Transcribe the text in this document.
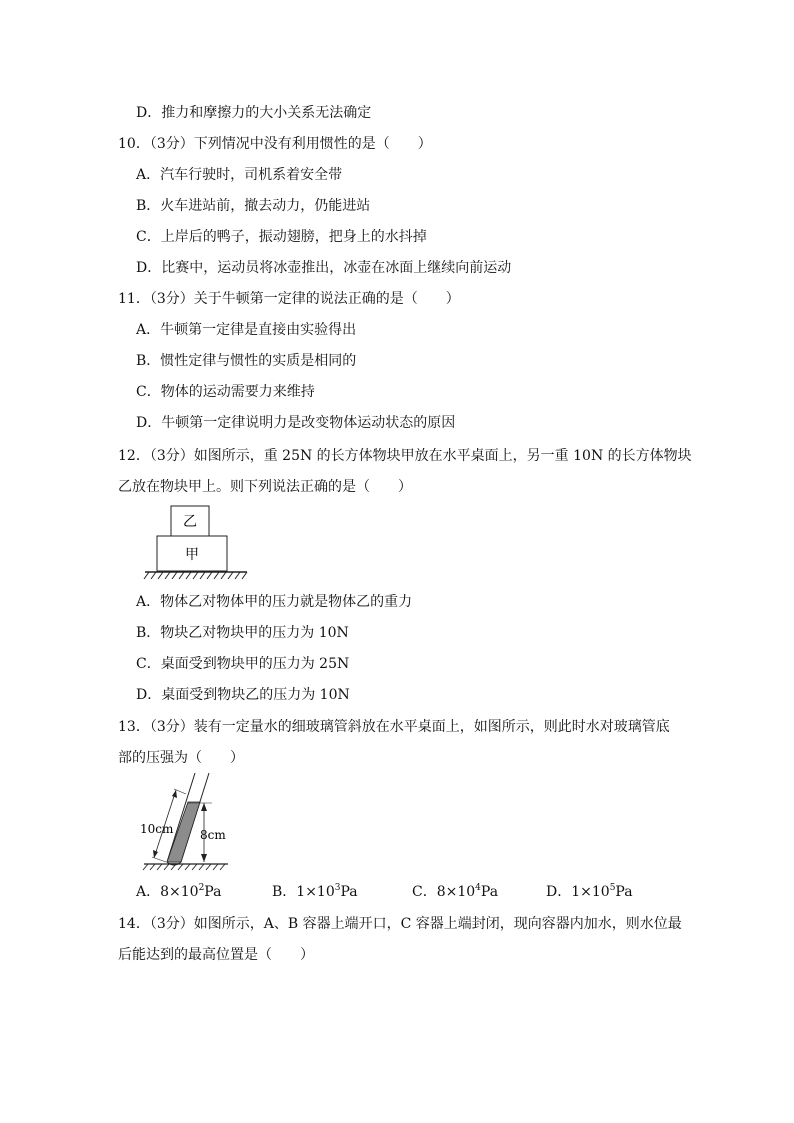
D．推力和摩擦力的大小关系无法确定
10．（3分）下列情况中没有利用惯性的是（　　）
A．汽车行驶时，司机系着安全带
B．火车进站前，撤去动力，仍能进站
C．上岸后的鸭子，振动翅膀，把身上的水抖掉
D．比赛中，运动员将冰壶推出，冰壶在冰面上继续向前运动
11．（3分）关于牛顿第一定律的说法正确的是（　　）
A．牛顿第一定律是直接由实验得出
B．惯性定律与惯性的实质是相同的
C．物体的运动需要力来维持
D．牛顿第一定律说明力是改变物体运动状态的原因
12．（3分）如图所示，重 25N 的长方体物块甲放在水平桌面上，另一重 10N 的长方体物块
乙放在物块甲上。则下列说法正确的是（　　）
乙
甲
A．物体乙对物体甲的压力就是物体乙的重力
B．物块乙对物块甲的压力为 10N
C．桌面受到物块甲的压力为 25N
D．桌面受到物块乙的压力为 10N
13．（3分）装有一定量水的细玻璃管斜放在水平桌面上，如图所示，则此时水对玻璃管底
部的压强为（　　）
10cm 8cm
A．$8\times 10^2Pa$	B．$1\times 10^3Pa$	C．$8\times 10^4Pa$	D．$1\times 10^5Pa$
14．（3分）如图所示，A、B 容器上端开口，C 容器上端封闭，现向容器内加水，则水位最
后能达到的最高位置是（　　）
